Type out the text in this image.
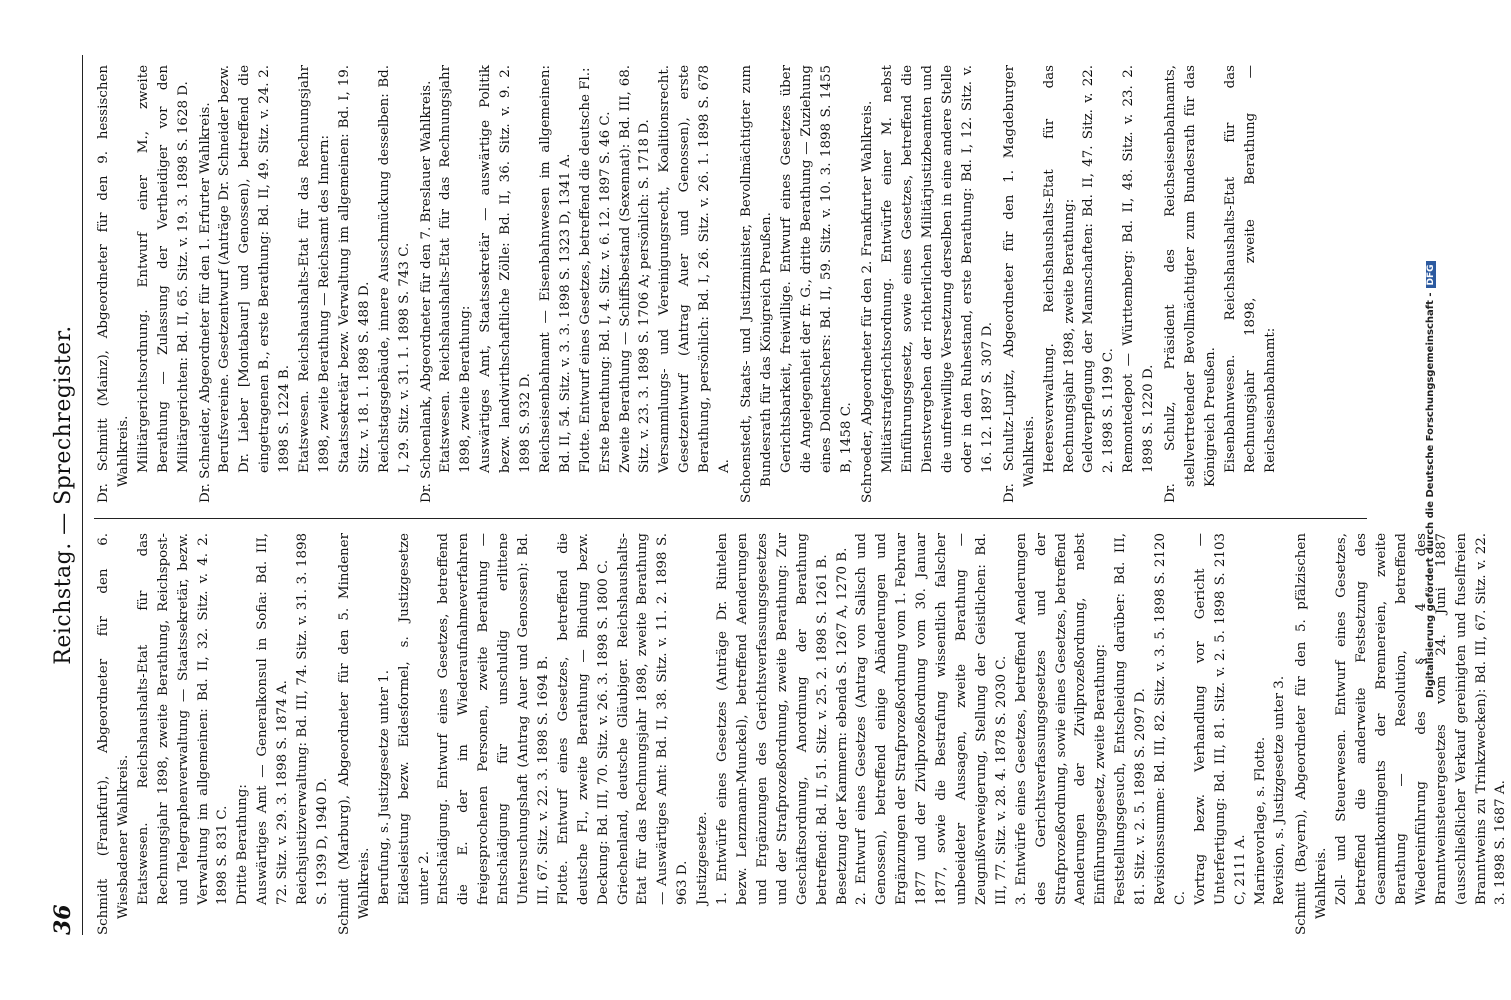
Digitalisierung gefördert durch die Deutsche Forschungsgemeinschaft -DFG
36
Reichstag. — Sprechregister.

Schmidt (Frankfurt), Abgeordneter für den 6. Wiesbadener Wahlkreis. Etatswesen. Reichshaushalts-Etat für das Rechnungsjahr 1898, zweite Berathung, Reichspost- und Telegraphenverwaltung — Staatssekretär, bezw. Verwaltung im allgemeinen: Bd. II, 32. Sitz. v. 4. 2. 1898 S. 831 C. Dritte Berathung: Auswärtiges Amt — Generalkonsul in Sofia: Bd. III, 72. Sitz. v. 29. 3. 1898 S. 1874 A. Reichsjustizverwaltung: Bd. III, 74. Sitz. v. 31. 3. 1898 S. 1939 D, 1940 D. Schmidt (Marburg), Abgeordneter für den 5. Mindener Wahlkreis. Berufung, s. Justizgesetze unter 1. Eidesleistung bezw. Eidesformel, s. Justizgesetze unter 2. Entschädigung. Entwurf eines Gesetzes, betreffend die E. der im Wiederaufnahmeverfahren freigesprochenen Personen, zweite Berathung — Entschädigung für unschuldig erlittene Untersuchungshaft (Antrag Auer und Genossen): Bd. III, 67. Sitz. v. 22. 3. 1898 S. 1694 B. Flotte. Entwurf eines Gesetzes, betreffend die deutsche Fl., zweite Berathung — Bindung bezw. Deckung: Bd. III, 70. Sitz. v. 26. 3. 1898 S. 1800 C. Griechenland, deutsche Gläubiger. Reichshaushalts-Etat für das Rechnungsjahr 1898, zweite Berathung — Auswärtiges Amt: Bd. II, 38. Sitz. v. 11. 2. 1898 S. 963 D. Justizgesetze. 1. Entwürfe eines Gesetzes (Anträge Dr. Rintelen bezw. Lenzmann-Munckel), betreffend Aenderungen und Ergänzungen des Gerichtsverfassungsgesetzes und der Strafprozeßordnung, zweite Berathung: Zur Geschäftsordnung, Anordnung der Berathung betreffend: Bd. II, 51. Sitz. v. 25. 2. 1898 S. 1261 B. Besetzung der Kammern: ebenda S. 1267 A, 1270 B. 2. Entwurf eines Gesetzes (Antrag von Salisch und Genossen), betreffend einige Abänderungen und Ergänzungen der Strafprozeßordnung vom 1. Februar 1877 und der Zivilprozeßordnung vom 30. Januar 1877, sowie die Bestrafung wissentlich falscher unbeeideter Aussagen, zweite Berathung — Zeugnißverweigerung, Stellung der Geistlichen: Bd. III, 77. Sitz. v. 28. 4. 1878 S. 2030 C. 3. Entwürfe eines Gesetzes, betreffend Aenderungen des Gerichtsverfassungsgesetzes und der Strafprozeßordnung, sowie eines Gesetzes, betreffend Aenderungen der Zivilprozeßordnung, nebst Einführungsgesetz, zweite Berathung: Feststellungsgesuch, Entscheidung darüber: Bd. III, 81. Sitz. v. 2. 5. 1898 S. 2097 D. Revisionssumme: Bd. III, 82. Sitz. v. 3. 5. 1898 S. 2120 C. Vortrag bezw. Verhandlung vor Gericht — Unterfertigung: Bd. III, 81. Sitz. v. 2. 5. 1898 S. 2103 C, 2111 A. Marinevorlage, s. Flotte. Revision, s. Justizgesetze unter 3. Schmitt (Bayern), Abgeordneter für den 5. pfälzischen Wahlkreis. Zoll- und Steuerwesen. Entwurf eines Gesetzes, betreffend die anderweite Festsetzung des Gesammtkontingents der Brennereien, zweite Berathung — Resolution, betreffend Wiedereinführung des § 4 des Branntweinsteuergesetzes vom 24. Juni 1887 (ausschließlicher Verkauf gereinigten und fuselfreien Branntweins zu Trinkzwecken): Bd. III, 67. Sitz. v. 22. 3. 1898 S. 1687 A.

Dr. Schmitt (Mainz), Abgeordneter für den 9. hessischen Wahlkreis. Militärgerichtsordnung. Entwurf einer M., zweite Berathung — Zulassung der Vertheidiger vor den Militärgerichten: Bd. II, 65. Sitz. v. 19. 3. 1898 S. 1628 D. Dr. Schneider, Abgeordneter für den 1. Erfurter Wahlkreis. Berufsvereine. Gesetzentwurf (Anträge Dr. Schneider bezw. Dr. Lieber [Montabaur] und Genossen), betreffend die eingetragenen B., erste Berathung: Bd. II, 49. Sitz. v. 24. 2. 1898 S. 1224 B. Etatswesen. Reichshaushalts-Etat für das Rechnungsjahr 1898, zweite Berathung — Reichsamt des Innern: Staatssekretär bezw. Verwaltung im allgemeinen: Bd. I, 19. Sitz. v. 18. 1. 1898 S. 488 D. Reichstagsgebäude, innere Ausschmückung desselben: Bd. I, 29. Sitz. v. 31. 1. 1898 S. 743 C. Dr. Schoenlank, Abgeordneter für den 7. Breslauer Wahlkreis. Etatswesen. Reichshaushalts-Etat für das Rechnungsjahr 1898, zweite Berathung: Auswärtiges Amt, Staatssekretär — auswärtige Politik bezw. landwirthschaftliche Zölle: Bd. II, 36. Sitz. v. 9. 2. 1898 S. 932 D. Reichseisenbahnamt — Eisenbahnwesen im allgemeinen: Bd. II, 54. Sitz. v. 3. 3. 1898 S. 1323 D, 1341 A. Flotte. Entwurf eines Gesetzes, betreffend die deutsche Fl.: Erste Berathung: Bd. I, 4. Sitz. v. 6. 12. 1897 S. 46 C. Zweite Berathung — Schiffsbestand (Sexennat): Bd. III, 68. Sitz. v. 23. 3. 1898 S. 1706 A; persönlich: S. 1718 D. Versammlungs- und Vereinigungsrecht, Koalitionsrecht. Gesetzentwurf (Antrag Auer und Genossen), erste Berathung, persönlich: Bd. I, 26. Sitz. v. 26. 1. 1898 S. 678 A. Schoenstedt, Staats- und Justizminister, Bevollmächtigter zum Bundesrath für das Königreich Preußen. Gerichtsbarkeit, freiwillige. Entwurf eines Gesetzes über die Angelegenheit der fr. G., dritte Berathung — Zuziehung eines Dolmetschers: Bd. II, 59. Sitz. v. 10. 3. 1898 S. 1455 B, 1458 C. Schroeder, Abgeordneter für den 2. Frankfurter Wahlkreis. Militärstrafgerichtsordnung. Entwürfe einer M. nebst Einführungsgesetz, sowie eines Gesetzes, betreffend die Dienstvergehen der richterlichen Militärjustizbeamten und die unfreiwillige Versetzung derselben in eine andere Stelle oder in den Ruhestand, erste Berathung: Bd. I, 12. Sitz. v. 16. 12. 1897 S. 307 D. Dr. Schultz-Lupitz, Abgeordneter für den 1. Magdeburger Wahlkreis. Heeresverwaltung. Reichshaushalts-Etat für das Rechnungsjahr 1898, zweite Berathung: Geldverpflegung der Mannschaften: Bd. II, 47. Sitz. v. 22. 2. 1898 S. 1199 C. Remontedepot — Württemberg: Bd. II, 48. Sitz. v. 23. 2. 1898 S. 1220 D. Dr. Schulz, Präsident des Reichseisenbahnamts, stellvertretender Bevollmächtigter zum Bundesrath für das Königreich Preußen. Eisenbahnwesen. Reichshaushalts-Etat für das Rechnungsjahr 1898, zweite Berathung — Reichseisenbahnamt:
